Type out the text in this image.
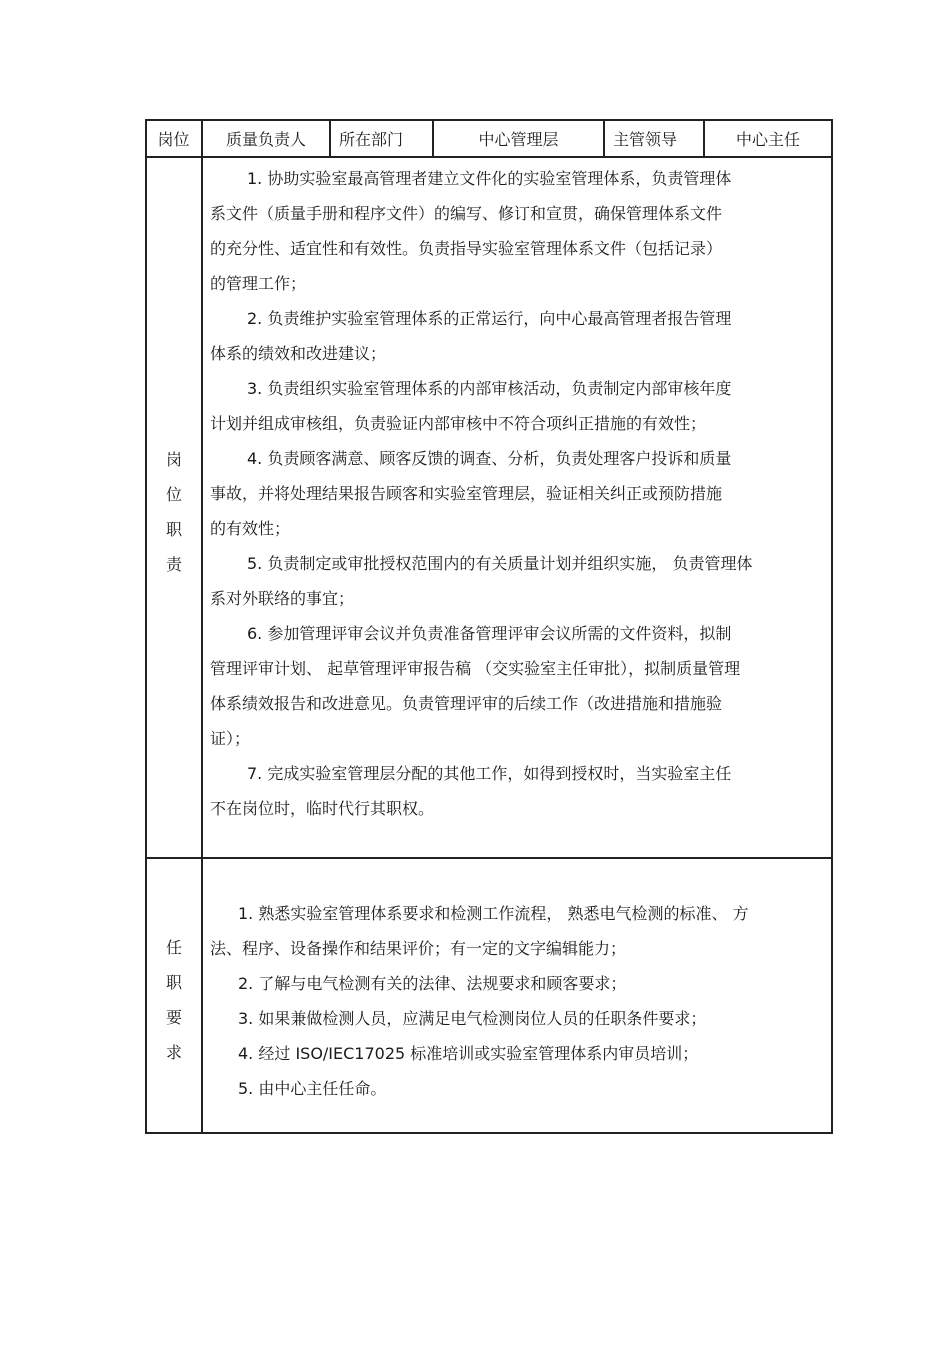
岗位	质量负责人	所在部门	中心管理层	主管领导	中心主任
岗
位
职
责
1. 协助实验室最高管理者建立文件化的实验室管理体系，负责管理体
系文件（质量手册和程序文件）的编写、修订和宣贯，确保管理体系文件
的充分性、适宜性和有效性。负责指导实验室管理体系文件（包括记录）
的管理工作；
2. 负责维护实验室管理体系的正常运行，向中心最高管理者报告管理
体系的绩效和改进建议；
3. 负责组织实验室管理体系的内部审核活动，负责制定内部审核年度
计划并组成审核组，负责验证内部审核中不符合项纠正措施的有效性；
4. 负责顾客满意、顾客反馈的调查、分析，负责处理客户投诉和质量
事故，并将处理结果报告顾客和实验室管理层，验证相关纠正或预防措施
的有效性；
5. 负责制定或审批授权范围内的有关质量计划并组织实施， 负责管理体
系对外联络的事宜；
6. 参加管理评审会议并负责准备管理评审会议所需的文件资料，拟制
管理评审计划、 起草管理评审报告稿 （交实验室主任审批），拟制质量管理
体系绩效报告和改进意见。负责管理评审的后续工作（改进措施和措施验
证）；
7. 完成实验室管理层分配的其他工作，如得到授权时，当实验室主任
不在岗位时，临时代行其职权。
任
职
要
求
1. 熟悉实验室管理体系要求和检测工作流程， 熟悉电气检测的标准、 方
法、程序、设备操作和结果评价；有一定的文字编辑能力；
2. 了解与电气检测有关的法律、法规要求和顾客要求；
3. 如果兼做检测人员，应满足电气检测岗位人员的任职条件要求；
4. 经过 ISO/IEC17025 标准培训或实验室管理体系内审员培训；
5. 由中心主任任命。
